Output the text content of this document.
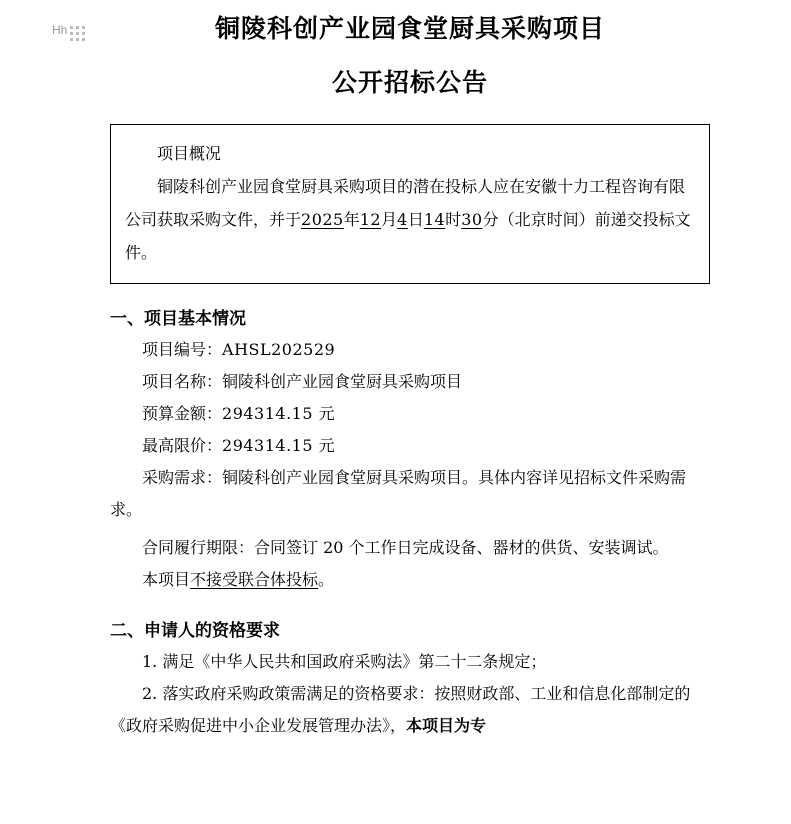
Hh	铜陵科创产业园食堂厨具采购项目
公开招标公告
项目概况
铜陵科创产业园食堂厨具采购项目的潜在投标人应在安徽十力工程咨询有限公司获取采购文件，并于2025年12月4日14时30分（北京时间）前递交投标文件。
一、项目基本情况
项目编号：AHSL202529
项目名称：铜陵科创产业园食堂厨具采购项目
预算金额：294314.15 元
最高限价：294314.15 元
采购需求：铜陵科创产业园食堂厨具采购项目。具体内容详见招标文件采购需求。
合同履行期限：合同签订 20 个工作日完成设备、器材的供货、安装调试。
本项目不接受联合体投标。
二、申请人的资格要求
1. 满足《中华人民共和国政府采购法》第二十二条规定；
2. 落实政府采购政策需满足的资格要求：按照财政部、工业和信息化部制定的《政府采购促进中小企业发展管理办法》，本项目为专
